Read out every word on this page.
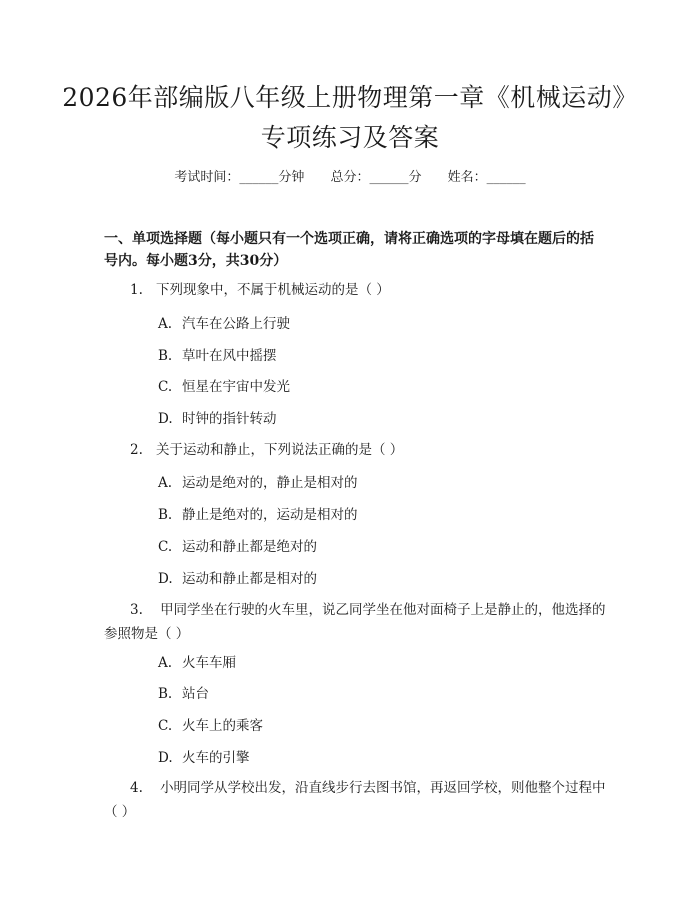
2026年部编版八年级上册物理第一章《机械运动》专项练习及答案
考试时间：______分钟 总分：______分 姓名：______
一、单项选择题（每小题只有一个选项正确，请将正确选项的字母填在题后的括号内。每小题3分，共30分）
1. 下列现象中，不属于机械运动的是（ ）
A. 汽车在公路上行驶
B. 草叶在风中摇摆
C. 恒星在宇宙中发光
D. 时钟的指针转动
2. 关于运动和静止，下列说法正确的是（ ）
A. 运动是绝对的，静止是相对的
B. 静止是绝对的，运动是相对的
C. 运动和静止都是绝对的
D. 运动和静止都是相对的
3. 甲同学坐在行驶的火车里，说乙同学坐在他对面椅子上是静止的，他选择的参照物是（ ）
A. 火车车厢
B. 站台
C. 火车上的乘客
D. 火车的引擎
4. 小明同学从学校出发，沿直线步行去图书馆，再返回学校，则他整个过程中（ ）
